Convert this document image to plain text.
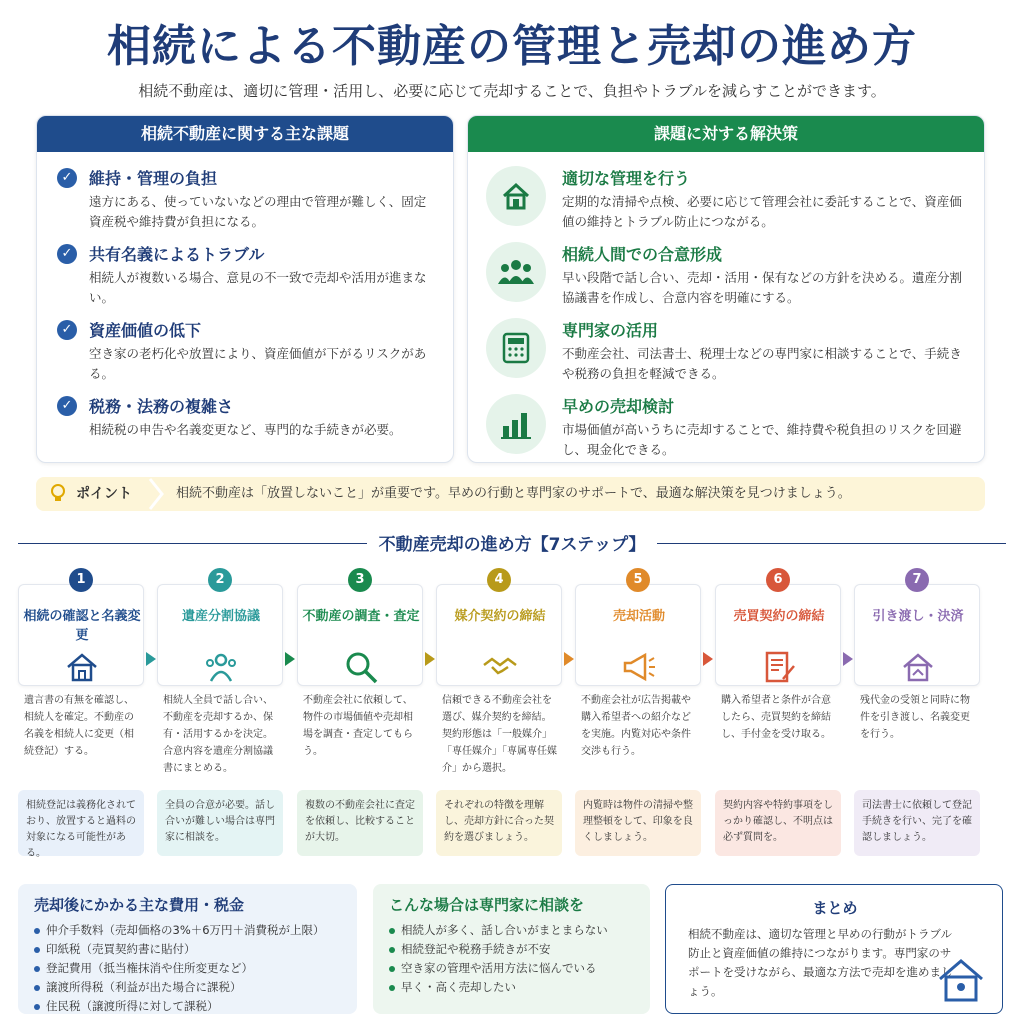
相続による不動産の管理と売却の進め方
相続不動産は、適切に管理・活用し、必要に応じて売却することで、負担やトラブルを減らすことができます。
相続不動産に関する主な課題
✓ 維持・管理の負担
遠方にある、使っていないなどの理由で管理が難しく、固定資産税や維持費が負担になる。
✓ 共有名義によるトラブル
相続人が複数いる場合、意見の不一致で売却や活用が進まない。
✓ 資産価値の低下
空き家の老朽化や放置により、資産価値が下がるリスクがある。
✓ 税務・法務の複雑さ
相続税の申告や名義変更など、専門的な手続きが必要。
課題に対する解決策
適切な管理を行う
定期的な清掃や点検、必要に応じて管理会社に委託することで、資産価値の維持とトラブル防止につながる。
相続人間での合意形成
早い段階で話し合い、売却・活用・保有などの方針を決める。遺産分割協議書を作成し、合意内容を明確にする。
専門家の活用
不動産会社、司法書士、税理士などの専門家に相談することで、手続きや税務の負担を軽減できる。
早めの売却検討
市場価値が高いうちに売却することで、維持費や税負担のリスクを回避し、現金化できる。
ポイント	相続不動産は「放置しないこと」が重要です。早めの行動と専門家のサポートで、最適な解決策を見つけましょう。
不動産売却の進め方【7ステップ】
1
相続の確認と名義変更
遺言書の有無を確認し、相続人を確定。不動産の名義を相続人に変更（相続登記）する。
相続登記は義務化されており、放置すると過料の対象になる可能性がある。
2
遺産分割協議
相続人全員で話し合い、不動産を売却するか、保有・活用するかを決定。合意内容を遺産分割協議書にまとめる。
全員の合意が必要。話し合いが難しい場合は専門家に相談を。
3
不動産の調査・査定
不動産会社に依頼して、物件の市場価値や売却相場を調査・査定してもらう。
複数の不動産会社に査定を依頼し、比較することが大切。
4
媒介契約の締結
信頼できる不動産会社を選び、媒介契約を締結。契約形態は「一般媒介」「専任媒介」「専属専任媒介」から選択。
それぞれの特徴を理解し、売却方針に合った契約を選びましょう。
5
売却活動
不動産会社が広告掲載や購入希望者への紹介などを実施。内覧対応や条件交渉も行う。
内覧時は物件の清掃や整理整頓をして、印象を良くしましょう。
6
売買契約の締結
購入希望者と条件が合意したら、売買契約を締結し、手付金を受け取る。
契約内容や特約事項をしっかり確認し、不明点は必ず質問を。
7
引き渡し・決済
残代金の受領と同時に物件を引き渡し、名義変更を行う。
司法書士に依頼して登記手続きを行い、完了を確認しましょう。
売却後にかかる主な費用・税金
仲介手数料（売却価格の3%＋6万円＋消費税が上限）
印紙税（売買契約書に貼付）
登記費用（抵当権抹消や住所変更など）
譲渡所得税（利益が出た場合に課税）
住民税（譲渡所得に対して課税）
こんな場合は専門家に相談を
相続人が多く、話し合いがまとまらない
相続登記や税務手続きが不安
空き家の管理や活用方法に悩んでいる
早く・高く売却したい
まとめ
相続不動産は、適切な管理と早めの行動がトラブル防止と資産価値の維持につながります。専門家のサポートを受けながら、最適な方法で売却を進めましょう。
